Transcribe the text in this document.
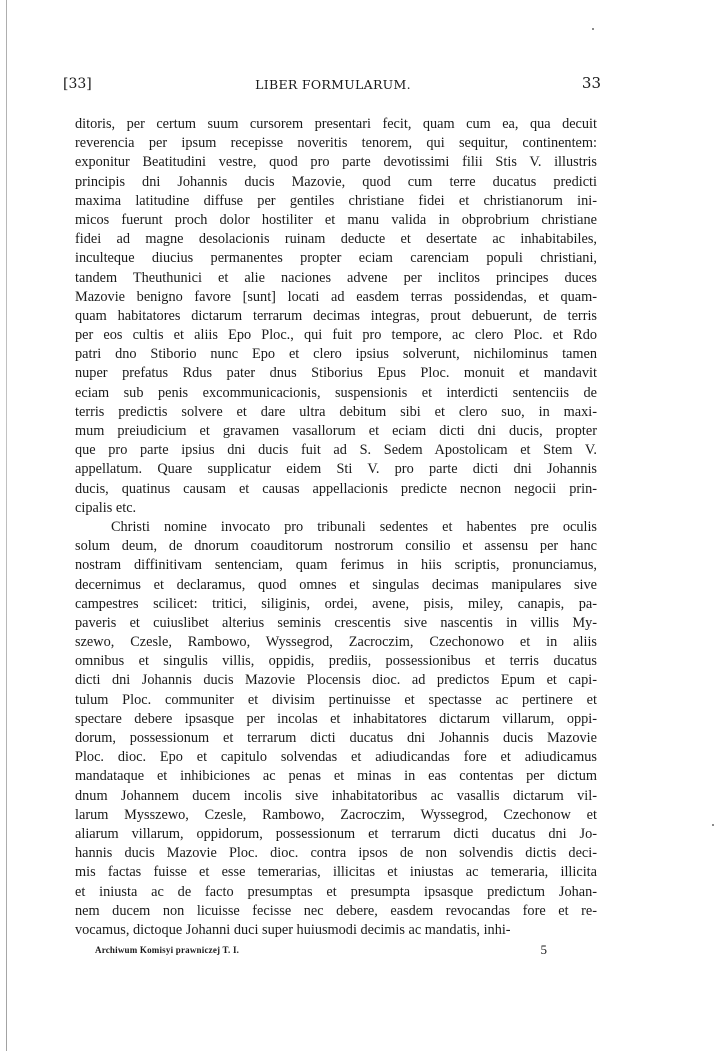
[33]	LIBER FORMULARUM.	33
ditoris, per certum suum cursorem presentari fecit, quam cum ea, qua decuit
reverencia per ipsum recepisse noveritis tenorem, qui sequitur, continentem:
exponitur Beatitudini vestre, quod pro parte devotissimi filii Stis V. illustris
principis dni Johannis ducis Mazovie, quod cum terre ducatus predicti
maxima latitudine diffuse per gentiles christiane fidei et christianorum ini-
micos fuerunt proch dolor hostiliter et manu valida in obprobrium christiane
fidei ad magne desolacionis ruinam deducte et desertate ac inhabitabiles,
inculteque diucius permanentes propter eciam carenciam populi christiani,
tandem Theuthunici et alie naciones advene per inclitos principes duces
Mazovie benigno favore [sunt] locati ad easdem terras possidendas, et quam-
quam habitatores dictarum terrarum decimas integras, prout debuerunt, de terris
per eos cultis et aliis Epo Ploc., qui fuit pro tempore, ac clero Ploc. et Rdo
patri dno Stiborio nunc Epo et clero ipsius solverunt, nichilominus tamen
nuper prefatus Rdus pater dnus Stiborius Epus Ploc. monuit et mandavit
eciam sub penis excommunicacionis, suspensionis et interdicti sentenciis de
terris predictis solvere et dare ultra debitum sibi et clero suo, in maxi-
mum preiudicium et gravamen vasallorum et eciam dicti dni ducis, propter
que pro parte ipsius dni ducis fuit ad S. Sedem Apostolicam et Stem V.
appellatum. Quare supplicatur eidem Sti V. pro parte dicti dni Johannis
ducis, quatinus causam et causas appellacionis predicte necnon negocii prin-
cipalis etc.
Christi nomine invocato pro tribunali sedentes et habentes pre oculis
solum deum, de dnorum coauditorum nostrorum consilio et assensu per hanc
nostram diffinitivam sentenciam, quam ferimus in hiis scriptis, pronunciamus,
decernimus et declaramus, quod omnes et singulas decimas manipulares sive
campestres scilicet: tritici, siliginis, ordei, avene, pisis, miley, canapis, pa-
paveris et cuiuslibet alterius seminis crescentis sive nascentis in villis My-
szewo, Czesle, Rambowo, Wyssegrod, Zacroczim, Czechonowo et in aliis
omnibus et singulis villis, oppidis, prediis, possessionibus et terris ducatus
dicti dni Johannis ducis Mazovie Plocensis dioc. ad predictos Epum et capi-
tulum Ploc. communiter et divisim pertinuisse et spectasse ac pertinere et
spectare debere ipsasque per incolas et inhabitatores dictarum villarum, oppi-
dorum, possessionum et terrarum dicti ducatus dni Johannis ducis Mazovie
Ploc. dioc. Epo et capitulo solvendas et adiudicandas fore et adiudicamus
mandataque et inhibiciones ac penas et minas in eas contentas per dictum
dnum Johannem ducem incolis sive inhabitatoribus ac vasallis dictarum vil-
larum Mysszewo, Czesle, Rambowo, Zacroczim, Wyssegrod, Czechonow et
aliarum villarum, oppidorum, possessionum et terrarum dicti ducatus dni Jo-
hannis ducis Mazovie Ploc. dioc. contra ipsos de non solvendis dictis deci-
mis factas fuisse et esse temerarias, illicitas et iniustas ac temeraria, illicita
et iniusta ac de facto presumptas et presumpta ipsasque predictum Johan-
nem ducem non licuisse fecisse nec debere, easdem revocandas fore et re-
vocamus, dictoque Johanni duci super huiusmodi decimis ac mandatis, inhi-
Archiwum Komisyi prawniczej T. I.	5
